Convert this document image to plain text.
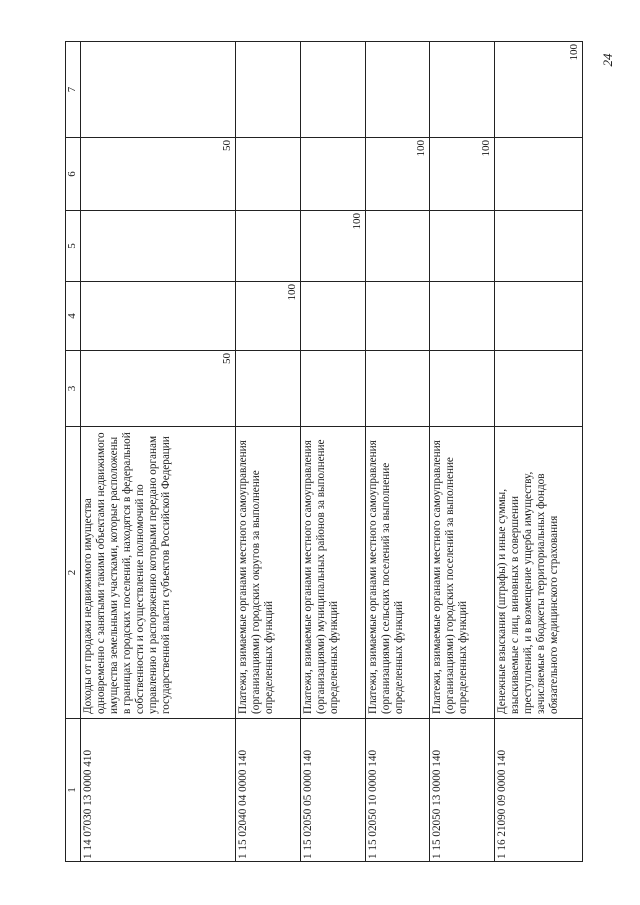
24
1	2	3	4	5	6	7
1 14 07030 13 0000 410	Доходы от продажи недвижимого имущества одновременно с занятыми такими объектами недвижимого имущества земельными участками, которые расположены в границах городских поселений, находятся в федеральной собственности и осуществление полномочий по управлению и распоряжению которыми передано органам государственной власти субъектов Российской Федерации	50			50	
1 15 02040 04 0000 140	Платежи, взимаемые органами местного самоуправления (организациями) городских округов за выполнение определенных функций		100			
1 15 02050 05 0000 140	Платежи, взимаемые органами местного самоуправления (организациями) муниципальных районов за выполнение определенных функций			100		
1 15 02050 10 0000 140	Платежи, взимаемые органами местного самоуправления (организациями) сельских поселений за выполнение определенных функций				100	
1 15 02050 13 0000 140	Платежи, взимаемые органами местного самоуправления (организациями) городских поселений за выполнение определенных функций				100	
1 16 21090 09 0000 140	Денежные взыскания (штрафы) и иные суммы, взыскиваемые с лиц, виновных в совершении преступлений, и в возмещение ущерба имуществу, зачисляемые в бюджеты территориальных фондов обязательного медицинского страхования					100
